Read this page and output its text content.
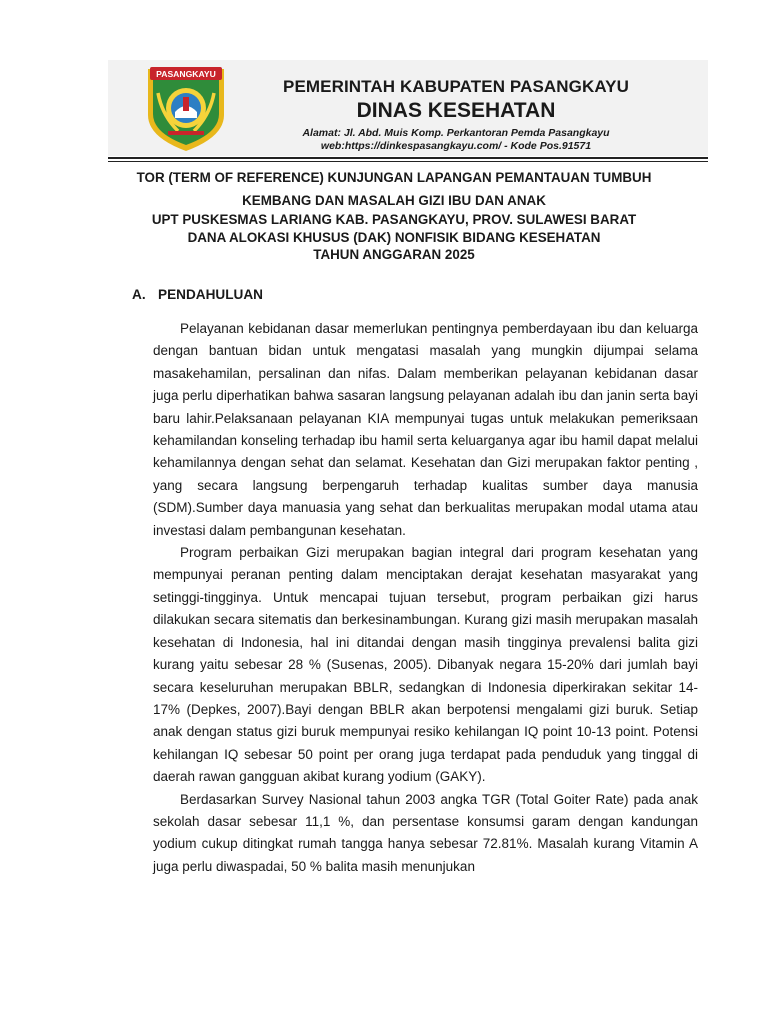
PASANGKAYU
PEMERINTAH KABUPATEN PASANGKAYU
DINAS KESEHATAN
Alamat: Jl. Abd. Muis Komp. Perkantoran Pemda Pasangkayu
web:https://dinkespasangkayu.com/ - Kode Pos.91571
TOR (TERM OF REFERENCE) KUNJUNGAN LAPANGAN PEMANTAUAN TUMBUH
KEMBANG DAN MASALAH GIZI IBU DAN ANAK
UPT PUSKESMAS LARIANG KAB. PASANGKAYU, PROV. SULAWESI BARAT
DANA ALOKASI KHUSUS (DAK) NONFISIK BIDANG KESEHATAN
TAHUN ANGGARAN 2025
A. PENDAHULUAN

Pelayanan kebidanan dasar memerlukan pentingnya pemberdayaan ibu dan keluarga dengan bantuan bidan untuk mengatasi masalah yang mungkin dijumpai selama masakehamilan, persalinan dan nifas. Dalam memberikan pelayanan kebidanan dasar juga perlu diperhatikan bahwa sasaran langsung pelayanan adalah ibu dan janin serta bayi baru lahir.Pelaksanaan pelayanan KIA mempunyai tugas untuk melakukan pemeriksaan kehamilandan konseling terhadap ibu hamil serta keluarganya agar ibu hamil dapat melalui kehamilannya dengan sehat dan selamat. Kesehatan dan Gizi merupakan faktor penting , yang secara langsung berpengaruh terhadap kualitas sumber daya manusia (SDM).Sumber daya manuasia yang sehat dan berkualitas merupakan modal utama atau investasi dalam pembangunan kesehatan.

Program perbaikan Gizi merupakan bagian integral dari program kesehatan yang mempunyai peranan penting dalam menciptakan derajat kesehatan masyarakat yang setinggi-tingginya. Untuk mencapai tujuan tersebut, program perbaikan gizi harus dilakukan secara sitematis dan berkesinambungan. Kurang gizi masih merupakan masalah kesehatan di Indonesia, hal ini ditandai dengan masih tingginya prevalensi balita gizi kurang yaitu sebesar 28 % (Susenas, 2005). Dibanyak negara 15-20% dari jumlah bayi secara keseluruhan merupakan BBLR, sedangkan di Indonesia diperkirakan sekitar 14-17% (Depkes, 2007).Bayi dengan BBLR akan berpotensi mengalami gizi buruk. Setiap anak dengan status gizi buruk mempunyai resiko kehilangan IQ point 10-13 point. Potensi kehilangan IQ sebesar 50 point per orang juga terdapat pada penduduk yang tinggal di daerah rawan gangguan akibat kurang yodium (GAKY).

Berdasarkan Survey Nasional tahun 2003 angka TGR (Total Goiter Rate) pada anak sekolah dasar sebesar 11,1 %, dan persentase konsumsi garam dengan kandungan yodium cukup ditingkat rumah tangga hanya sebesar 72.81%. Masalah kurang Vitamin A juga perlu diwaspadai, 50 % balita masih menunjukan
